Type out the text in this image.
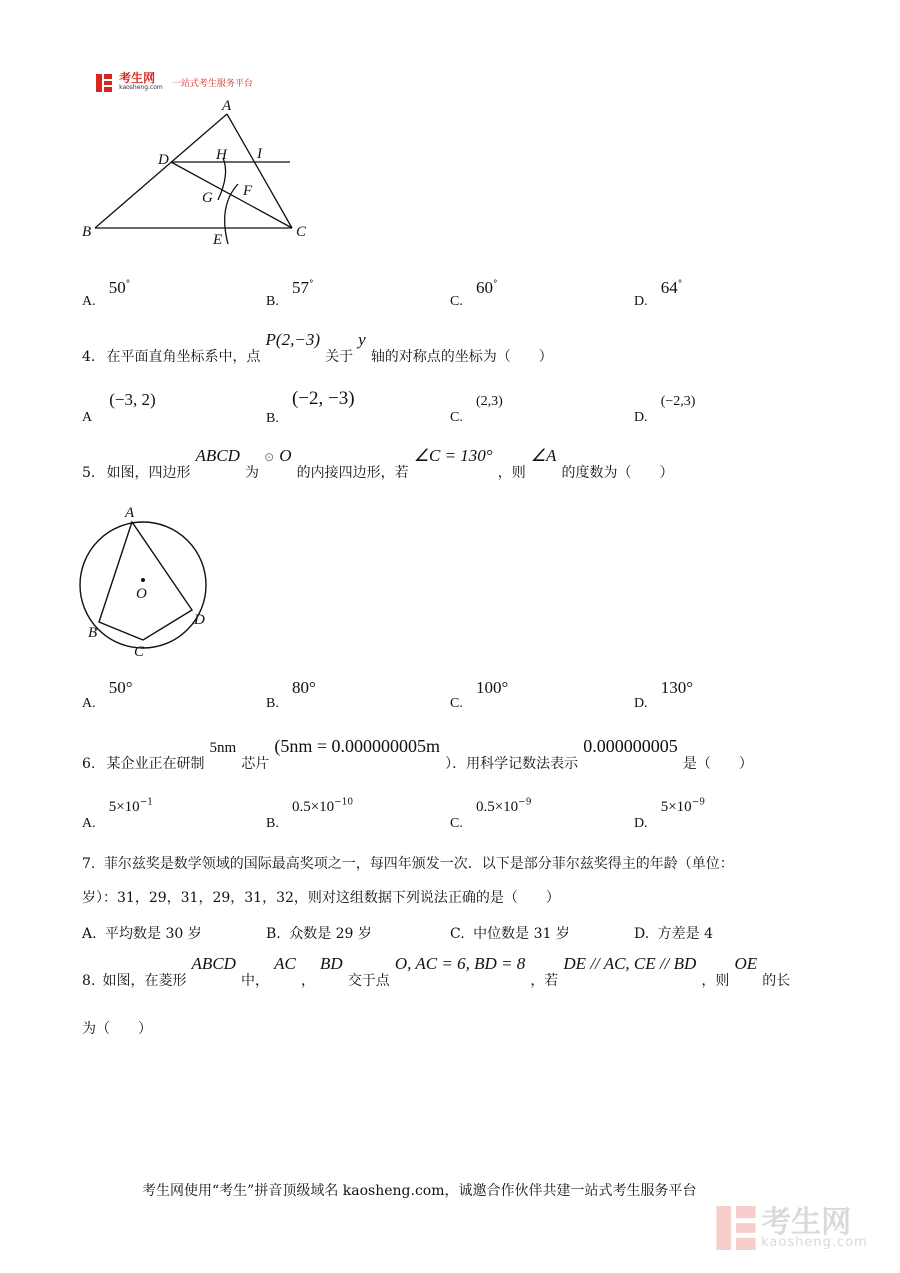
考生网
kaosheng.com 一站式考生服务平台
A
D	H I
G F
B	E	C
A. 50°
B. 57°
C. 60°
D. 64°
4. 在平面直角坐标系中，点 P(2,−3) 关于 y 轴的对称点的坐标为（　　）
A (−3, 2)
B. (−2, −3)
C. (2,3)
D. (−2,3)
5. 如图，四边形 ABCD 为 ⊙ O 的内接四边形，若 ∠C = 130° ，则 ∠A 的度数为（　　）
A
O
B
C
D
A. 50°
B. 80°
C. 100°
D. 130°
6. 某企业正在研制 5nm 芯片 (5nm = 0.000000005m ）．用科学记数法表示 0.000000005 是（　　）
A. $5\times 10^{-1}$
B. $0.5\times 10^{-10}$
C. $0.5\times 10^{-9}$
D. $5\times 10^{-9}$
7. 菲尔兹奖是数学领域的国际最高奖项之一，每四年颁发一次．以下是部分菲尔兹奖得主的年龄（单位：
岁）：31，29，31，29，31，32，则对这组数据下列说法正确的是（　　）
A. 平均数是 30 岁	B. 众数是 29 岁	C. 中位数是 31 岁	D. 方差是 4
8. 如图，在菱形 ABCD 中， AC ， BD 交于点 O, AC = 6, BD = 8 ，若 DE // AC, CE // BD ，则 OE 的长
为（　　）
考生网使用“考生”拼音顶级域名 kaosheng.com，诚邀合作伙伴共建一站式考生服务平台

考生网
kaosheng.com
